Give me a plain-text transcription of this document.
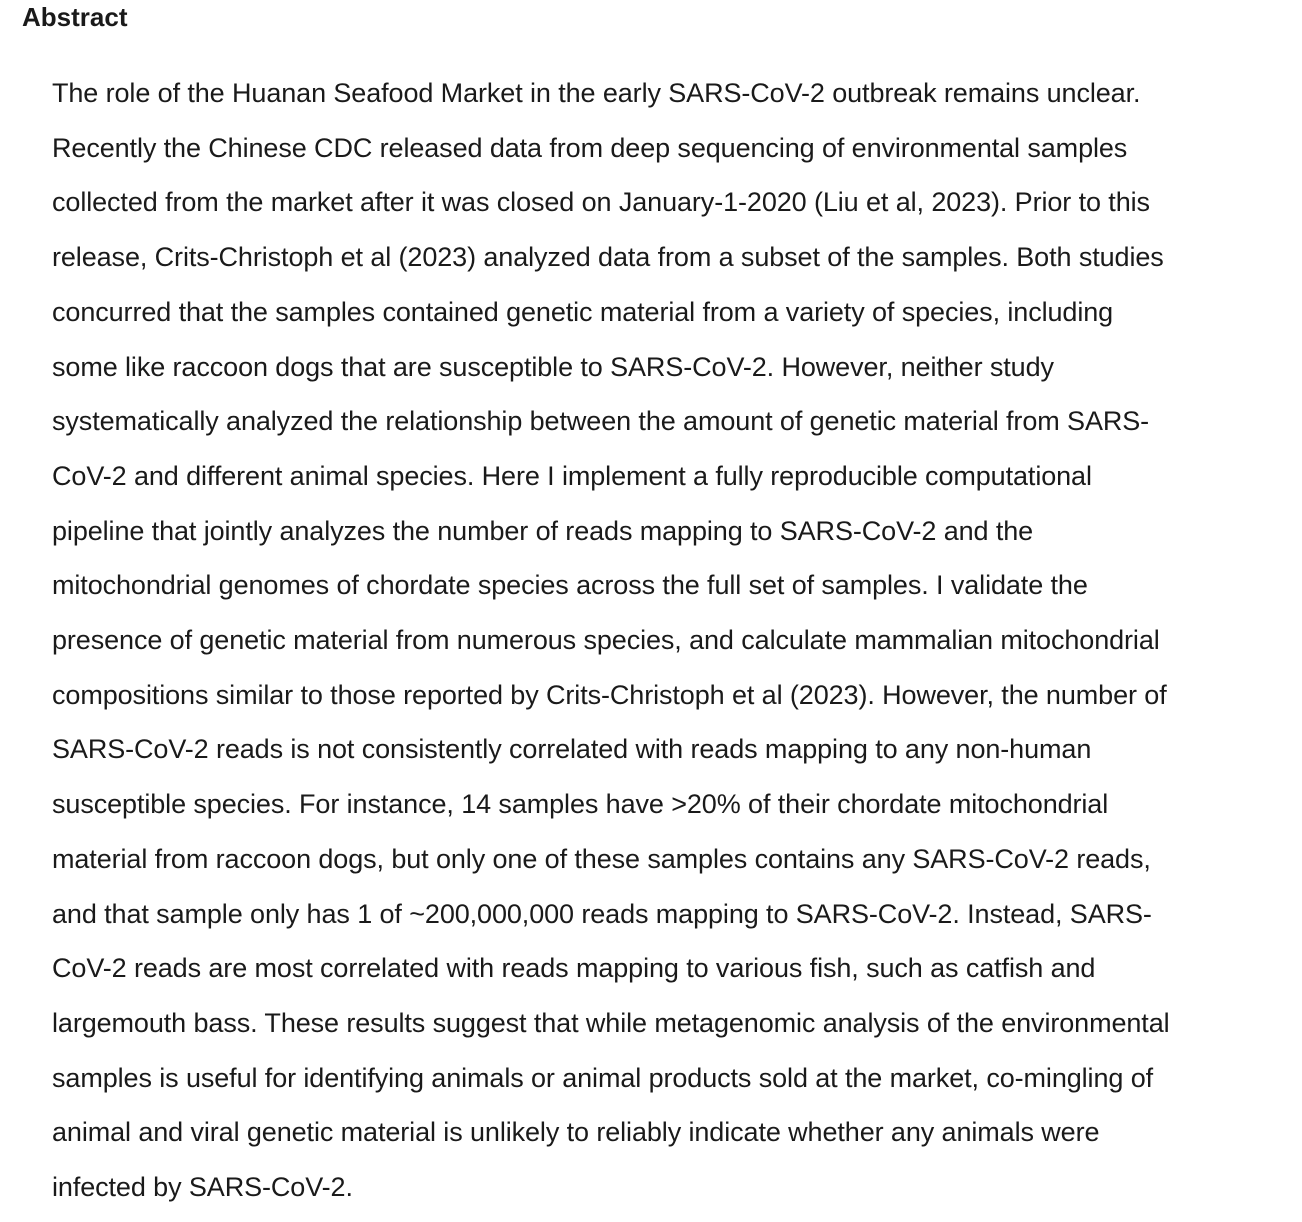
Abstract
The role of the Huanan Seafood Market in the early SARS-CoV-2 outbreak remains unclear.
Recently the Chinese CDC released data from deep sequencing of environmental samples
collected from the market after it was closed on January-1-2020 (Liu et al, 2023). Prior to this
release, Crits-Christoph et al (2023) analyzed data from a subset of the samples. Both studies
concurred that the samples contained genetic material from a variety of species, including
some like raccoon dogs that are susceptible to SARS-CoV-2. However, neither study
systematically analyzed the relationship between the amount of genetic material from SARS-
CoV-2 and different animal species. Here I implement a fully reproducible computational
pipeline that jointly analyzes the number of reads mapping to SARS-CoV-2 and the
mitochondrial genomes of chordate species across the full set of samples. I validate the
presence of genetic material from numerous species, and calculate mammalian mitochondrial
compositions similar to those reported by Crits-Christoph et al (2023). However, the number of
SARS-CoV-2 reads is not consistently correlated with reads mapping to any non-human
susceptible species. For instance, 14 samples have >20% of their chordate mitochondrial
material from raccoon dogs, but only one of these samples contains any SARS-CoV-2 reads,
and that sample only has 1 of ~200,000,000 reads mapping to SARS-CoV-2. Instead, SARS-
CoV-2 reads are most correlated with reads mapping to various fish, such as catfish and
largemouth bass. These results suggest that while metagenomic analysis of the environmental
samples is useful for identifying animals or animal products sold at the market, co-mingling of
animal and viral genetic material is unlikely to reliably indicate whether any animals were
infected by SARS-CoV-2.
